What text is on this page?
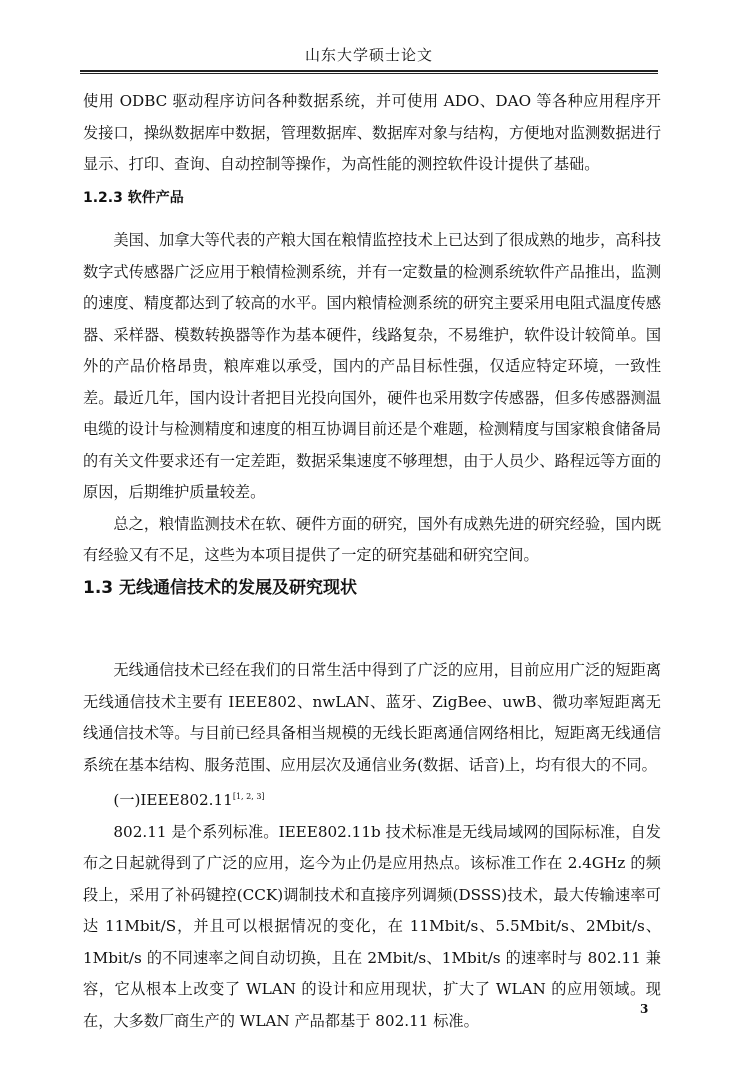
山东大学硕士论文

使用 ODBC 驱动程序访问各种数据系统，并可使用 ADO、DAO 等各种应用程序开发接口，操纵数据库中数据，管理数据库、数据库对象与结构，方便地对监测数据进行显示、打印、查询、自动控制等操作，为高性能的测控软件设计提供了基础。

1.2.3 软件产品

美国、加拿大等代表的产粮大国在粮情监控技术上已达到了很成熟的地步，高科技数字式传感器广泛应用于粮情检测系统，并有一定数量的检测系统软件产品推出，监测的速度、精度都达到了较高的水平。国内粮情检测系统的研究主要采用电阻式温度传感器、采样器、模数转换器等作为基本硬件，线路复杂，不易维护，软件设计较简单。国外的产品价格昂贵，粮库难以承受，国内的产品目标性强，仅适应特定环境，一致性差。最近几年，国内设计者把目光投向国外，硬件也采用数字传感器，但多传感器测温电缆的设计与检测精度和速度的相互协调目前还是个难题，检测精度与国家粮食储备局的有关文件要求还有一定差距，数据采集速度不够理想，由于人员少、路程远等方面的原因，后期维护质量较差。

总之，粮情监测技术在软、硬件方面的研究，国外有成熟先进的研究经验，国内既有经验又有不足，这些为本项目提供了一定的研究基础和研究空间。

1.3 无线通信技术的发展及研究现状

无线通信技术已经在我们的日常生活中得到了广泛的应用，目前应用广泛的短距离无线通信技术主要有 IEEE802、nwLAN、蓝牙、ZigBee、uwB、微功率短距离无线通信技术等。与目前已经具备相当规模的无线长距离通信网络相比，短距离无线通信系统在基本结构、服务范围、应用层次及通信业务(数据、话音)上，均有很大的不同。

(一)IEEE802.11[1, 2, 3]

802.11 是个系列标准。IEEE802.11b 技术标准是无线局域网的国际标准，自发布之日起就得到了广泛的应用，迄今为止仍是应用热点。该标准工作在 2.4GHz 的频段上，采用了补码键控(CCK)调制技术和直接序列调频(DSSS)技术，最大传输速率可达 11Mbit/S，并且可以根据情况的变化，在 11Mbit/s、5.5Mbit/s、2Mbit/s、1Mbit/s 的不同速率之间自动切换，且在 2Mbit/s、1Mbit/s 的速率时与 802.11 兼容，它从根本上改变了 WLAN 的设计和应用现状，扩大了 WLAN 的应用领域。现在，大多数厂商生产的 WLAN 产品都基于 802.11 标准。

3
